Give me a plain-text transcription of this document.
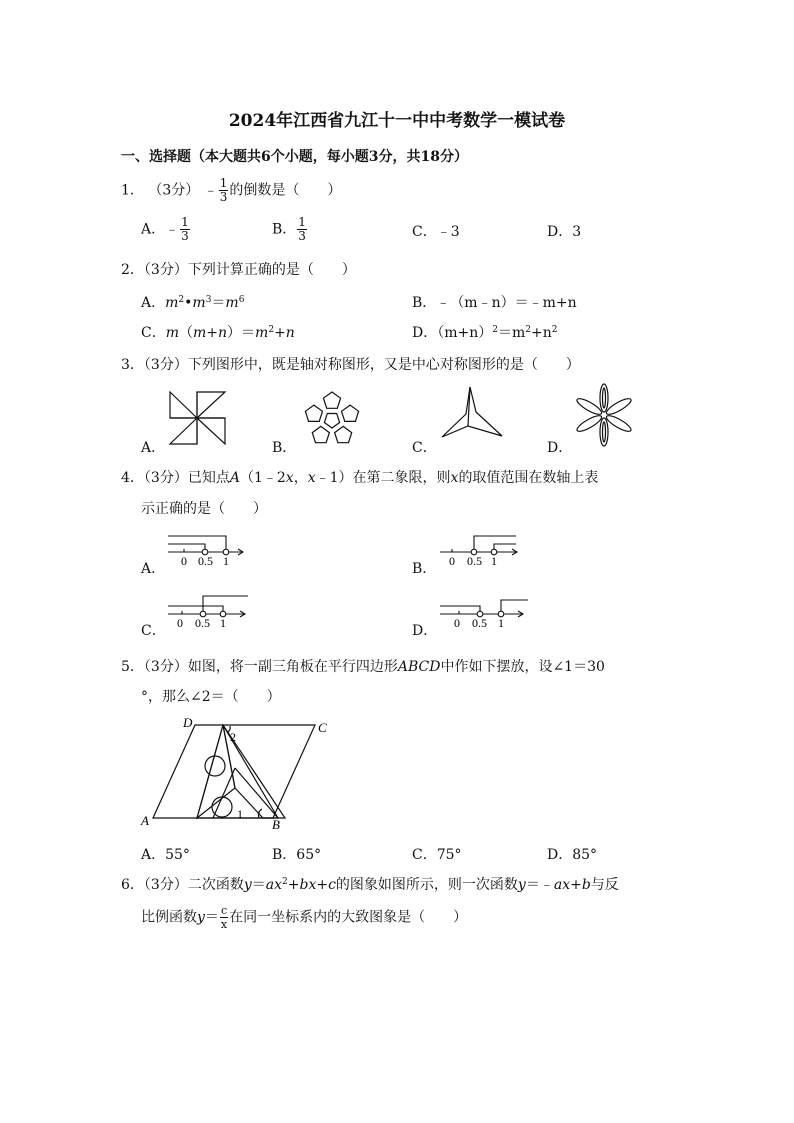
2024年江西省九江十一中中考数学一模试卷
一、选择题（本大题共6个小题，每小题3分，共18分）
1． （3分） ﹣ $\frac{1}{3}$ 的倒数是（　　）
A．﹣ $\frac{1}{3}$	B． $\frac{1}{3}$	C．﹣3	D．3
2．（3分）下列计算正确的是（　　）
A．$m^2•m^3=m^6$	B．﹣（m﹣n）＝﹣m+n
C．$m(m+n)=m^2+n$	D．$(m+n)^2=m^2+n^2$
3．（3分）下列图形中，既是轴对称图形，又是中心对称图形的是（　　）
A．	B．	C．	D．
4．（3分）已知点A（1﹣2x，x﹣1）在第二象限，则x的取值范围在数轴上表
示正确的是（　　）
0 0.5 1	0 0.5 1
A．	B．
0 0.5 1	0 0.5 1
C．	D．
5．（3分）如图，将一副三角板在平行四边形ABCD中作如下摆放，设∠1＝30
°，那么∠2＝（　　）
D	C
A	B
2
1
A．55°	B．65°	C．75°	D．85°
6．（3分）二次函数$y=ax^2+bx+c$的图象如图所示，则一次函数y＝﹣ax+b与反
比例函数$y= \frac{c}{x}$ 在同一坐标系内的大致图象是（　　）
